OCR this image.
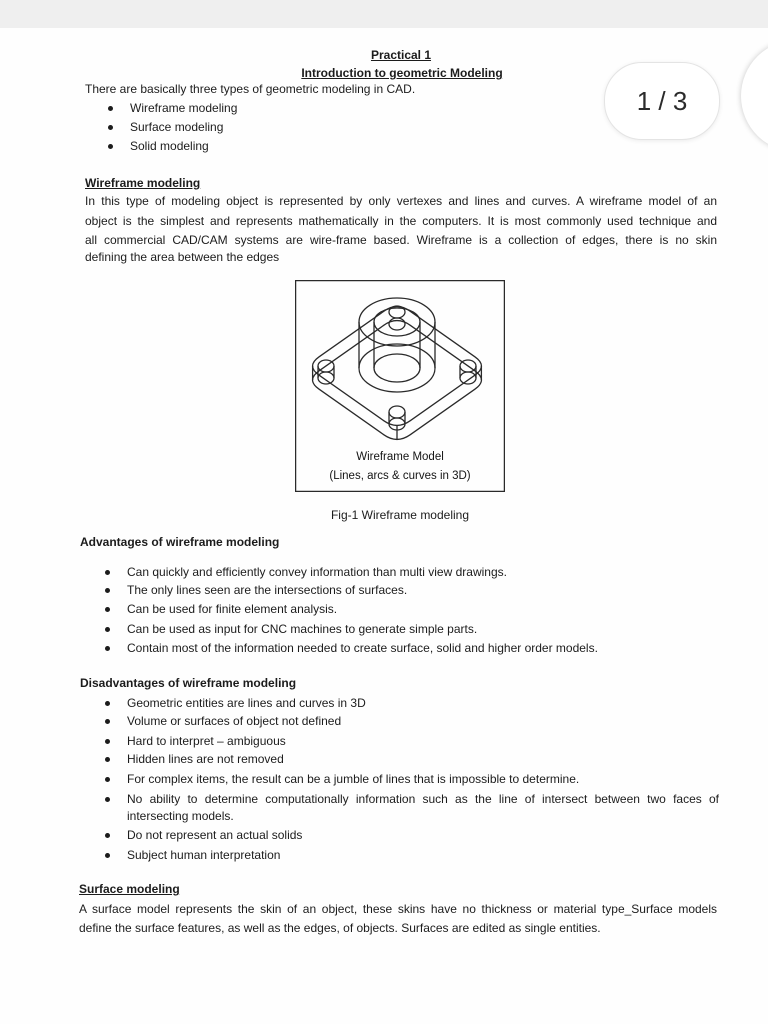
Practical 1
Introduction to geometric Modeling
There are basically three types of geometric modeling in CAD.
Wireframe modeling
Surface modeling
Solid modeling
Wireframe modeling
In this type of modeling object is represented by only vertexes and lines and curves. A wireframe model of an
object is the simplest and represents mathematically in the computers. It is most commonly used technique and
all commercial CAD/CAM systems are wire-frame based. Wireframe is a collection of edges, there is no skin
defining the area between the edges
Wireframe Model
(Lines, arcs & curves in 3D)
Fig-1 Wireframe modeling
Advantages of wireframe modeling
Can quickly and efficiently convey information than multi view drawings.
The only lines seen are the intersections of surfaces.
Can be used for finite element analysis.
Can be used as input for CNC machines to generate simple parts.
Contain most of the information needed to create surface, solid and higher order models.
Disadvantages of wireframe modeling
Geometric entities are lines and curves in 3D
Volume or surfaces of object not defined
Hard to interpret – ambiguous
Hidden lines are not removed
For complex items, the result can be a jumble of lines that is impossible to determine.
No ability to determine computationally information such as the line of intersect between two faces of intersecting models.
Do not represent an actual solids
Subject human interpretation
Surface modeling
A surface model represents the skin of an object, these skins have no thickness or material type_Surface models
define the surface features, as well as the edges, of objects. Surfaces are edited as single entities.
1 / 3
